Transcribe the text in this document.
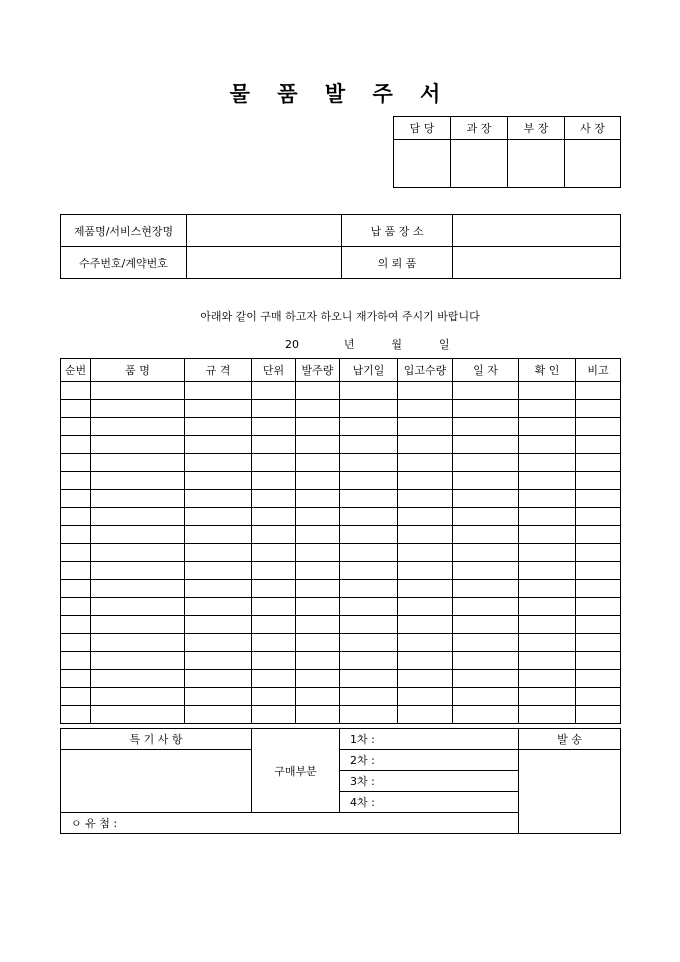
물 품 발 주 서
담 당	과 장	부 장	사 장

제품명/서비스현장명		납 품 장 소	
수주번호/계약번호		의 뢰 품	
아래와 같이 구매 하고자 하오니 재가하여 주시기 바랍니다
20	년	월	일
순번	품 명	규 격	단위	발주량	납기일	입고수량	일 자	확 인	비고

특 기 사 항	구매부분	1차 :	발 송
		2차 :	
		3차 :	
		4차 :	
ㅇ 유 첨 :			
